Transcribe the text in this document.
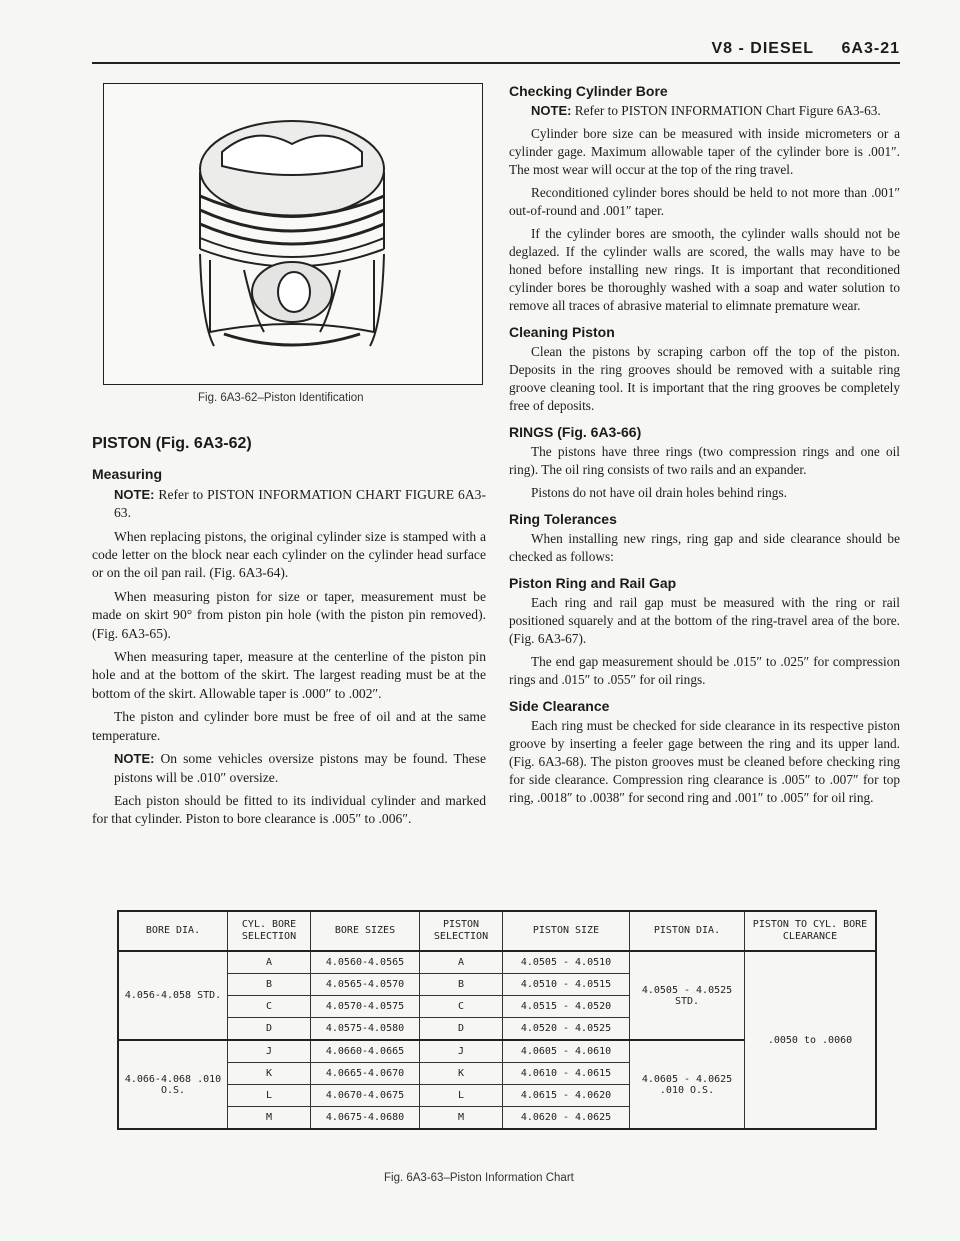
V8 - DIESEL 6A3-21
Fig. 6A3-62–Piston Identification
PISTON (Fig. 6A3-62)
Measuring

NOTE: Refer to PISTON INFORMATION CHART FIGURE 6A3-63.

When replacing pistons, the original cylinder size is stamped with a code letter on the block near each cylinder on the cylinder head surface or on the oil pan rail. (Fig. 6A3-64).

When measuring piston for size or taper, measurement must be made on skirt 90° from piston pin hole (with the piston pin removed). (Fig. 6A3-65).

When measuring taper, measure at the centerline of the piston pin hole and at the bottom of the skirt. The largest reading must be at the bottom of the skirt. Allowable taper is .000″ to .002″.

The piston and cylinder bore must be free of oil and at the same temperature.

NOTE: On some vehicles oversize pistons may be found. These pistons will be .010″ oversize.

Each piston should be fitted to its individual cylinder and marked for that cylinder. Piston to bore clearance is .005″ to .006″.

Checking Cylinder Bore

NOTE: Refer to PISTON INFORMATION Chart Figure 6A3-63.

Cylinder bore size can be measured with inside micrometers or a cylinder gage. Maximum allowable taper of the cylinder bore is .001″. The most wear will occur at the top of the ring travel.

Reconditioned cylinder bores should be held to not more than .001″ out-of-round and .001″ taper.

If the cylinder bores are smooth, the cylinder walls should not be deglazed. If the cylinder walls are scored, the walls may have to be honed before installing new rings. It is important that reconditioned cylinder bores be thoroughly washed with a soap and water solution to remove all traces of abrasive material to elimnate premature wear.

Cleaning Piston

Clean the pistons by scraping carbon off the top of the piston. Deposits in the ring grooves should be removed with a suitable ring groove cleaning tool. It is important that the ring grooves be completely free of deposits.

RINGS (Fig. 6A3-66)

The pistons have three rings (two compression rings and one oil ring). The oil ring consists of two rails and an expander.

Pistons do not have oil drain holes behind rings.

Ring Tolerances

When installing new rings, ring gap and side clearance should be checked as follows:

Piston Ring and Rail Gap

Each ring and rail gap must be measured with the ring or rail positioned squarely and at the bottom of the ring-travel area of the bore. (Fig. 6A3-67).

The end gap measurement should be .015″ to .025″ for compression rings and .015″ to .055″ for oil rings.

Side Clearance

Each ring must be checked for side clearance in its respective piston groove by inserting a feeler gage between the ring and its upper land. (Fig. 6A3-68). The piston grooves must be cleaned before checking ring for side clearance. Compression ring clearance is .005″ to .007″ for top ring, .0018″ to .0038″ for second ring and .001″ to .005″ for oil ring.

BORE DIA.	CYL. BORE SELECTION	BORE SIZES	PISTON SELECTION	PISTON SIZE	PISTON DIA.	PISTON TO CYL. BORE CLEARANCE
4.056-4.058 STD.	A	4.0560-4.0565	A	4.0505 - 4.0510	4.0505 - 4.0525 STD.	.0050 to .0060
	B	4.0565-4.0570	B	4.0510 - 4.0515		
	C	4.0570-4.0575	C	4.0515 - 4.0520		
	D	4.0575-4.0580	D	4.0520 - 4.0525		
4.066-4.068 .010 O.S.	J	4.0660-4.0665	J	4.0605 - 4.0610	4.0605 - 4.0625 .010 O.S.	
	K	4.0665-4.0670	K	4.0610 - 4.0615		
	L	4.0670-4.0675	L	4.0615 - 4.0620		
	M	4.0675-4.0680	M	4.0620 - 4.0625		
Fig. 6A3-63–Piston Information Chart
